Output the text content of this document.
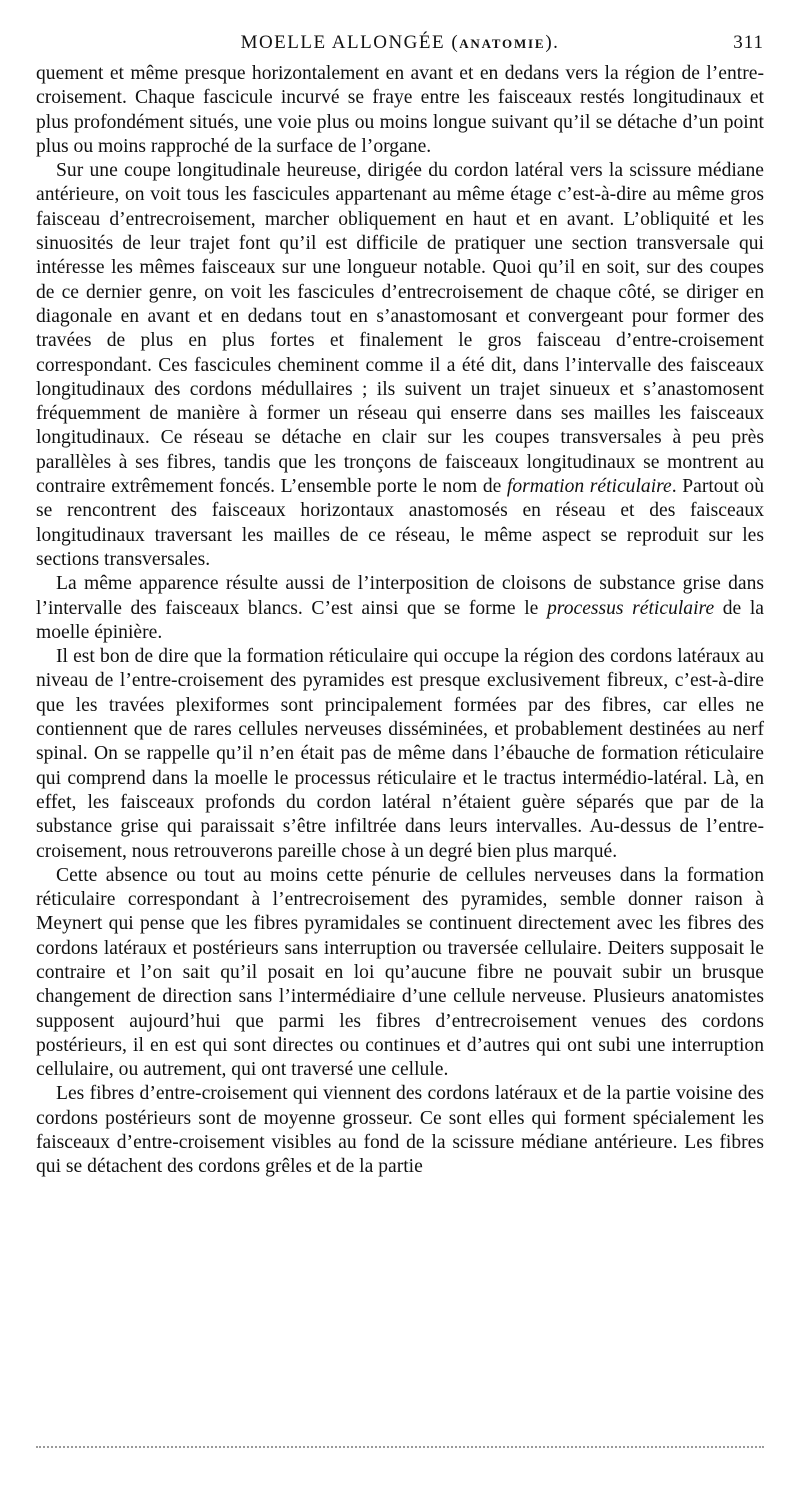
MOELLE ALLONGÉE (ANATOMIE).	311

quement et même presque horizontalement en avant et en dedans vers la région de l’entre-croisement. Chaque fascicule incurvé se fraye entre les faisceaux restés longitudinaux et plus profondément situés, une voie plus ou moins longue suivant qu’il se détache d’un point plus ou moins rapproché de la surface de l’organe.

Sur une coupe longitudinale heureuse, dirigée du cordon latéral vers la scissure médiane antérieure, on voit tous les fascicules appartenant au même étage c’est-à-dire au même gros faisceau d’entrecroisement, marcher obliquement en haut et en avant. L’obliquité et les sinuosités de leur trajet font qu’il est difficile de pratiquer une section transversale qui intéresse les mêmes faisceaux sur une longueur notable. Quoi qu’il en soit, sur des coupes de ce dernier genre, on voit les fascicules d’entrecroisement de chaque côté, se diriger en diagonale en avant et en dedans tout en s’anastomosant et convergeant pour former des travées de plus en plus fortes et finalement le gros faisceau d’entre-croisement correspondant. Ces fascicules cheminent comme il a été dit, dans l’intervalle des faisceaux longitudinaux des cordons médullaires ; ils suivent un trajet sinueux et s’anastomosent fréquemment de manière à former un réseau qui enserre dans ses mailles les faisceaux longitudinaux. Ce réseau se détache en clair sur les coupes transversales à peu près parallèles à ses fibres, tandis que les tronçons de faisceaux longitudinaux se montrent au contraire extrêmement foncés. L’ensemble porte le nom de formation réticulaire. Partout où se rencontrent des faisceaux horizontaux anastomosés en réseau et des faisceaux longitudinaux traversant les mailles de ce réseau, le même aspect se reproduit sur les sections transversales.

La même apparence résulte aussi de l’interposition de cloisons de substance grise dans l’intervalle des faisceaux blancs. C’est ainsi que se forme le processus réticulaire de la moelle épinière.

Il est bon de dire que la formation réticulaire qui occupe la région des cordons latéraux au niveau de l’entre-croisement des pyramides est presque exclusivement fibreux, c’est-à-dire que les travées plexiformes sont principalement formées par des fibres, car elles ne contiennent que de rares cellules nerveuses disséminées, et probablement destinées au nerf spinal. On se rappelle qu’il n’en était pas de même dans l’ébauche de formation réticulaire qui comprend dans la moelle le processus réticulaire et le tractus intermédio-latéral. Là, en effet, les faisceaux profonds du cordon latéral n’étaient guère séparés que par de la substance grise qui paraissait s’être infiltrée dans leurs intervalles. Au-dessus de l’entre-croisement, nous retrouverons pareille chose à un degré bien plus marqué.

Cette absence ou tout au moins cette pénurie de cellules nerveuses dans la formation réticulaire correspondant à l’entrecroisement des pyramides, semble donner raison à Meynert qui pense que les fibres pyramidales se continuent directement avec les fibres des cordons latéraux et postérieurs sans interruption ou traversée cellulaire. Deiters supposait le contraire et l’on sait qu’il posait en loi qu’aucune fibre ne pouvait subir un brusque changement de direction sans l’intermédiaire d’une cellule nerveuse. Plusieurs anatomistes supposent aujourd’hui que parmi les fibres d’entrecroisement venues des cordons postérieurs, il en est qui sont directes ou continues et d’autres qui ont subi une interruption cellulaire, ou autrement, qui ont traversé une cellule.

Les fibres d’entre-croisement qui viennent des cordons latéraux et de la partie voisine des cordons postérieurs sont de moyenne grosseur. Ce sont elles qui forment spécialement les faisceaux d’entre-croisement visibles au fond de la scissure médiane antérieure. Les fibres qui se détachent des cordons grêles et de la partie
